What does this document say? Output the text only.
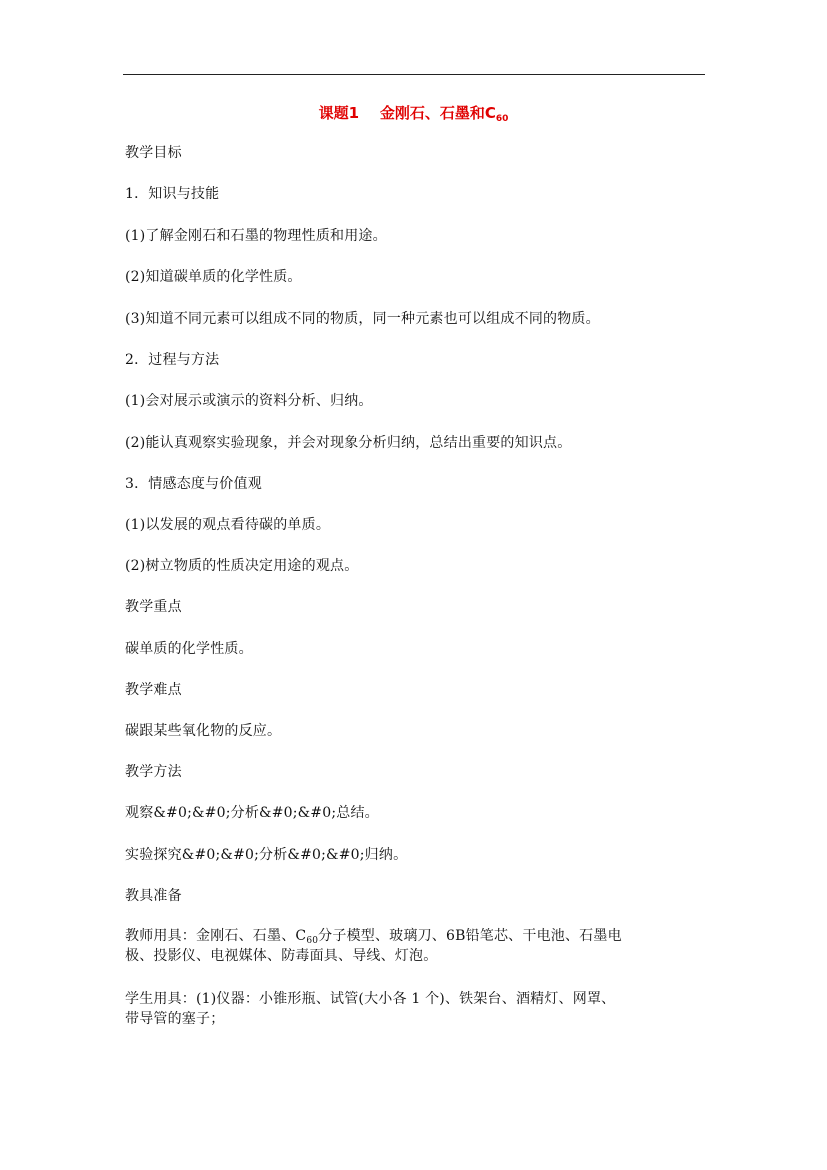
课题1    金刚石、石墨和$C_{60}$
教学目标
1．知识与技能
(1)了解金刚石和石墨的物理性质和用途。
(2)知道碳单质的化学性质。
(3)知道不同元素可以组成不同的物质，同一种元素也可以组成不同的物质。
2．过程与方法
(1)会对展示或演示的资料分析、归纳。
(2)能认真观察实验现象，并会对现象分析归纳，总结出重要的知识点。
3．情感态度与价值观
(1)以发展的观点看待碳的单质。
(2)树立物质的性质决定用途的观点。
教学重点
碳单质的化学性质。
教学难点
碳跟某些氧化物的反应。
教学方法
观察&#0;&#0;分析&#0;&#0;总结。
实验探究&#0;&#0;分析&#0;&#0;归纳。
教具准备
教师用具：金刚石、石墨、$C_{60}$分子模型、玻璃刀、6B铅笔芯、干电池、石墨电
极、投影仪、电视媒体、防毒面具、导线、灯泡。
学生用具：(1)仪器：小锥形瓶、试管(大小各 1 个)、铁架台、酒精灯、网罩、
带导管的塞子；
